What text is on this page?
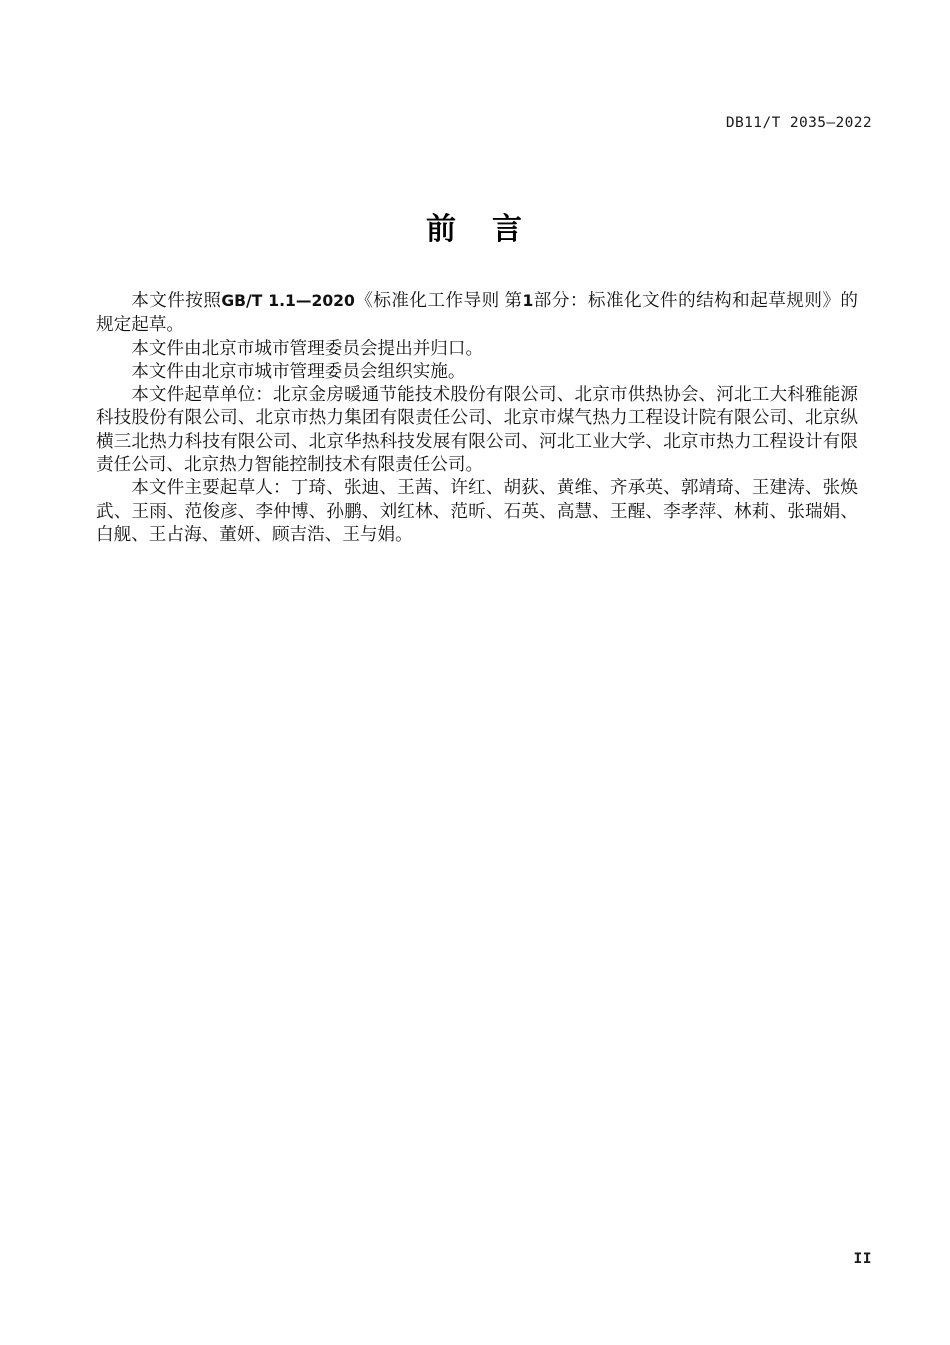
DB11/T 2035—2022
前 言

本文件按照GB/T 1.1—2020《标准化工作导则 第1部分：标准化文件的结构和起草规则》的规定起草。

本文件由北京市城市管理委员会提出并归口。

本文件由北京市城市管理委员会组织实施。

本文件起草单位：北京金房暖通节能技术股份有限公司、北京市供热协会、河北工大科雅能源科技股份有限公司、北京市热力集团有限责任公司、北京市煤气热力工程设计院有限公司、北京纵横三北热力科技有限公司、北京华热科技发展有限公司、河北工业大学、北京市热力工程设计有限责任公司、北京热力智能控制技术有限责任公司。

本文件主要起草人：丁琦、张迪、王茜、许红、胡荻、黄维、齐承英、郭靖琦、王建涛、张焕武、王雨、范俊彦、李仲博、孙鹏、刘红林、范昕、石英、高慧、王醒、李孝萍、林莉、张瑞娟、白舰、王占海、董妍、顾吉浩、王与娟。

II
